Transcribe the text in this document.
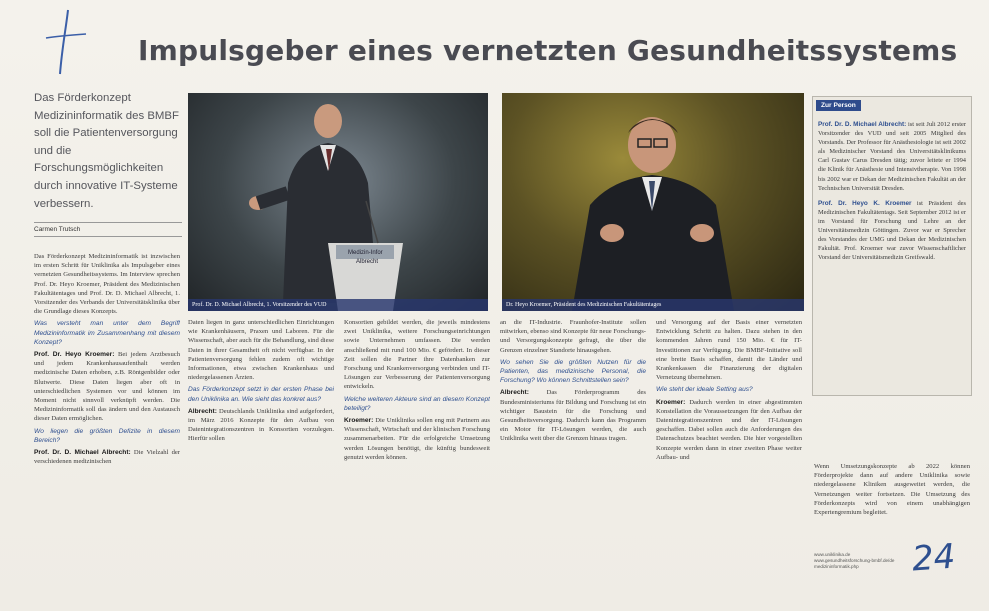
Impulsgeber eines vernetzten Gesundheitssystems
Das Förderkonzept Medizininformatik des BMBF soll die Patientenversorgung und die Forschungsmöglichkeiten durch innovative IT-Systeme verbessern.
Carmen Trutsch

Das Förderkonzept Medizininformatik ist inzwischen im ersten Schritt für Uniklinika als Impulsgeber eines vernetzten Gesundheitssystems. Im Interview sprechen Prof. Dr. Heyo Kroemer, Präsident des Medizinischen Fakultätentages und Prof. Dr. D. Michael Albrecht, 1. Vorsitzender des Verbands der Universitätsklinika über die Grundlage dieses Konzepts.

Was versteht man unter dem Begriff Medizininformatik im Zusammenhang mit diesem Konzept?

Prof. Dr. Heyo Kroemer: Bei jedem Arztbesuch und jedem Krankenhausaufenthalt werden medizinische Daten erhoben, z.B. Röntgenbilder oder Blutwerte. Diese Daten liegen aber oft in unterschiedlichen Systemen vor und können im Moment nicht sinnvoll verknüpft werden. Die Medizininformatik soll das ändern und den Austausch dieser Daten ermöglichen.

Wo liegen die größten Defizite in diesem Bereich?

Prof. Dr. D. Michael Albrecht: Die Vielzahl der verschiedenen medizinischen

Medizin-Infor
Albrecht
Prof. Dr. D. Michael Albrecht, 1. Vorsitzender des VUD	Dr. Heyo Kroemer, Präsident des Medizinischen Fakultätentages

Daten liegen in ganz unterschiedlichen Einrichtungen wie Krankenhäusern, Praxen und Laboren. Für die Wissenschaft, aber auch für die Behandlung, sind diese Daten in ihrer Gesamtheit oft nicht verfügbar. In der Patientenversorgung fehlen zudem oft wichtige Informationen, etwa zwischen Krankenhaus und niedergelassenen Ärzten.

Das Förderkonzept setzt in der ersten Phase bei den Uniklinika an. Wie sieht das konkret aus?

Albrecht: Deutschlands Uniklinika sind aufgefordert, im März 2016 Konzepte für den Aufbau von Datenintegrationszentren in Konsortien vorzulegen. Hierfür sollen

Konsortien gebildet werden, die jeweils mindestens zwei Uniklinika, weitere Forschungseinrichtungen sowie Unternehmen umfassen. Die werden anschließend mit rund 100 Mio. € gefördert. In dieser Zeit sollen die Partner ihre Datenbanken zur Forschung und Krankenversorgung verbinden und IT-Lösungen zur Verbesserung der Patientenversorgung entwickeln.

Welche weiteren Akteure sind an diesem Konzept beteiligt?

Kroemer: Die Uniklinika sollen eng mit Partnern aus Wissenschaft, Wirtschaft und der klinischen Forschung zusammenarbeiten. Für die erfolgreiche Umsetzung werden Lösungen benötigt, die künftig bundesweit genutzt werden können.

an die IT-Industrie. Fraunhofer-Institute sollen mitwirken, ebenso sind Konzepte für neue Forschungs- und Versorgungskonzepte gefragt, die über die Grenzen einzelner Standorte hinausgehen.

Wo sehen Sie die größten Nutzen für die Patienten, das medizinische Personal, die Forschung? Wo können Schnittstellen sein?

Albrecht:	Das Förderprogramm des Bundesministeriums für Bildung und Forschung ist ein wichtiger Baustein für die Forschung und Gesundheitsversorgung. Dadurch kann das Programm ein Motor für IT-Lösungen werden, die auch Uniklinika weit über die Grenzen hinaus tragen.

und Versorgung auf der Basis einer vernetzten Entwicklung Schritt zu halten. Dazu stehen in den kommenden Jahren rund 150 Mio. € für IT-Investitionen zur Verfügung. Die BMBF-Initiative soll eine breite Basis schaffen, damit die Länder und Krankenkassen die Finanzierung der digitalen Vernetzung übernehmen.

Wie steht der ideale Setting aus?

Kroemer: Dadurch werden in einer abgestimmten Konstellation die Voraussetzungen für den Aufbau der Datenintegrationszentren und der IT-Lösungen geschaffen. Dabei sollen auch die Anforderungen des Datenschutzes beachtet werden. Die hier vorgestellten Konzepte werden dann in einer zweiten Phase weiter Aufbau- und

Zur Person

Prof. Dr. D. Michael Albrecht: ist seit Juli 2012 erster Vorsitzender des VUD und seit 2005 Mitglied des Vorstands. Der Professor für Anästhesiologie ist seit 2002 als Medizinischer Vorstand des Universitätsklinikums Carl Gustav Carus Dresden tätig; zuvor leitete er 1994 die Klinik für Anästhesie und Intensivtherapie. Von 1998 bis 2002 war er Dekan der Medizinischen Fakultät an der Technischen Universität Dresden.

Prof. Dr. Heyo K. Kroemer ist Präsident des Medizinischen Fakultätentags. Seit September 2012 ist er im Vorstand für Forschung und Lehre an der Universitätsmedizin Göttingen. Zuvor war er Sprecher des Vorstandes der UMG und Dekan der Medizinischen Fakultät. Prof. Kroemer war zuvor Wissenschaftlicher Vorstand der Universitätsmedizin Greifswald.

Wenn Umsetzungskonzepte ab 2022 können Förderprojekte dann auf andere Uniklinika sowie niedergelassene Kliniken ausgeweitet werden, die Vernetzungen weiter fortsetzen. Die Umsetzung des Förderkonzepts wird von einem unabhängigen Expertengremium begleitet.
www.uniklinika.de
www.gesundheitsforschung-bmbf.de/de
medizininformatik.php	24
